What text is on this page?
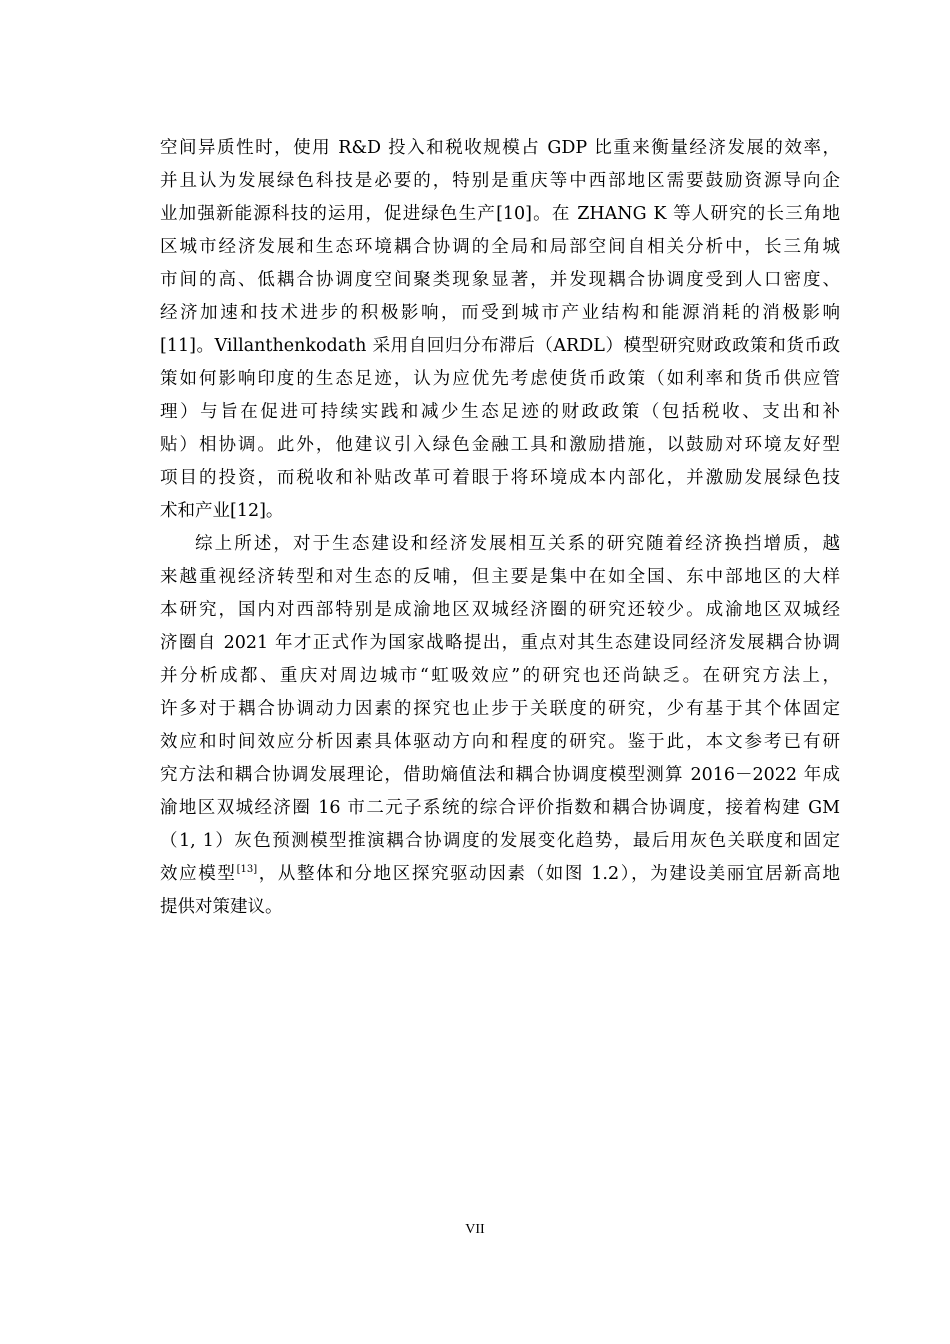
空间异质性时，使用 R&D 投入和税收规模占 GDP 比重来衡量经济发展的效率，
并且认为发展绿色科技是必要的，特别是重庆等中西部地区需要鼓励资源导向企
业加强新能源科技的运用，促进绿色生产[10]。在 ZHANG K 等人研究的长三角地
区城市经济发展和生态环境耦合协调的全局和局部空间自相关分析中，长三角城
市间的高、低耦合协调度空间聚类现象显著，并发现耦合协调度受到人口密度、
经济加速和技术进步的积极影响，而受到城市产业结构和能源消耗的消极影响
[11]。Villanthenkodath 采用自回归分布滞后（ARDL）模型研究财政政策和货币政
策如何影响印度的生态足迹，认为应优先考虑使货币政策（如利率和货币供应管
理）与旨在促进可持续实践和减少生态足迹的财政政策（包括税收、支出和补
贴）相协调。此外，他建议引入绿色金融工具和激励措施，以鼓励对环境友好型
项目的投资，而税收和补贴改革可着眼于将环境成本内部化，并激励发展绿色技
术和产业[12]。
综上所述，对于生态建设和经济发展相互关系的研究随着经济换挡增质，越
来越重视经济转型和对生态的反哺，但主要是集中在如全国、东中部地区的大样
本研究，国内对西部特别是成渝地区双城经济圈的研究还较少。成渝地区双城经
济圈自 2021 年才正式作为国家战略提出，重点对其生态建设同经济发展耦合协调
并分析成都、重庆对周边城市“虹吸效应”的研究也还尚缺乏。在研究方法上，
许多对于耦合协调动力因素的探究也止步于关联度的研究，少有基于其个体固定
效应和时间效应分析因素具体驱动方向和程度的研究。鉴于此，本文参考已有研
究方法和耦合协调发展理论，借助熵值法和耦合协调度模型测算 2016－2022 年成
渝地区双城经济圈 16 市二元子系统的综合评价指数和耦合协调度，接着构建 GM
（1, 1）灰色预测模型推演耦合协调度的发展变化趋势，最后用灰色关联度和固定
效应模型[13]，从整体和分地区探究驱动因素（如图 1.2），为建设美丽宜居新高地
提供对策建议。
VII
